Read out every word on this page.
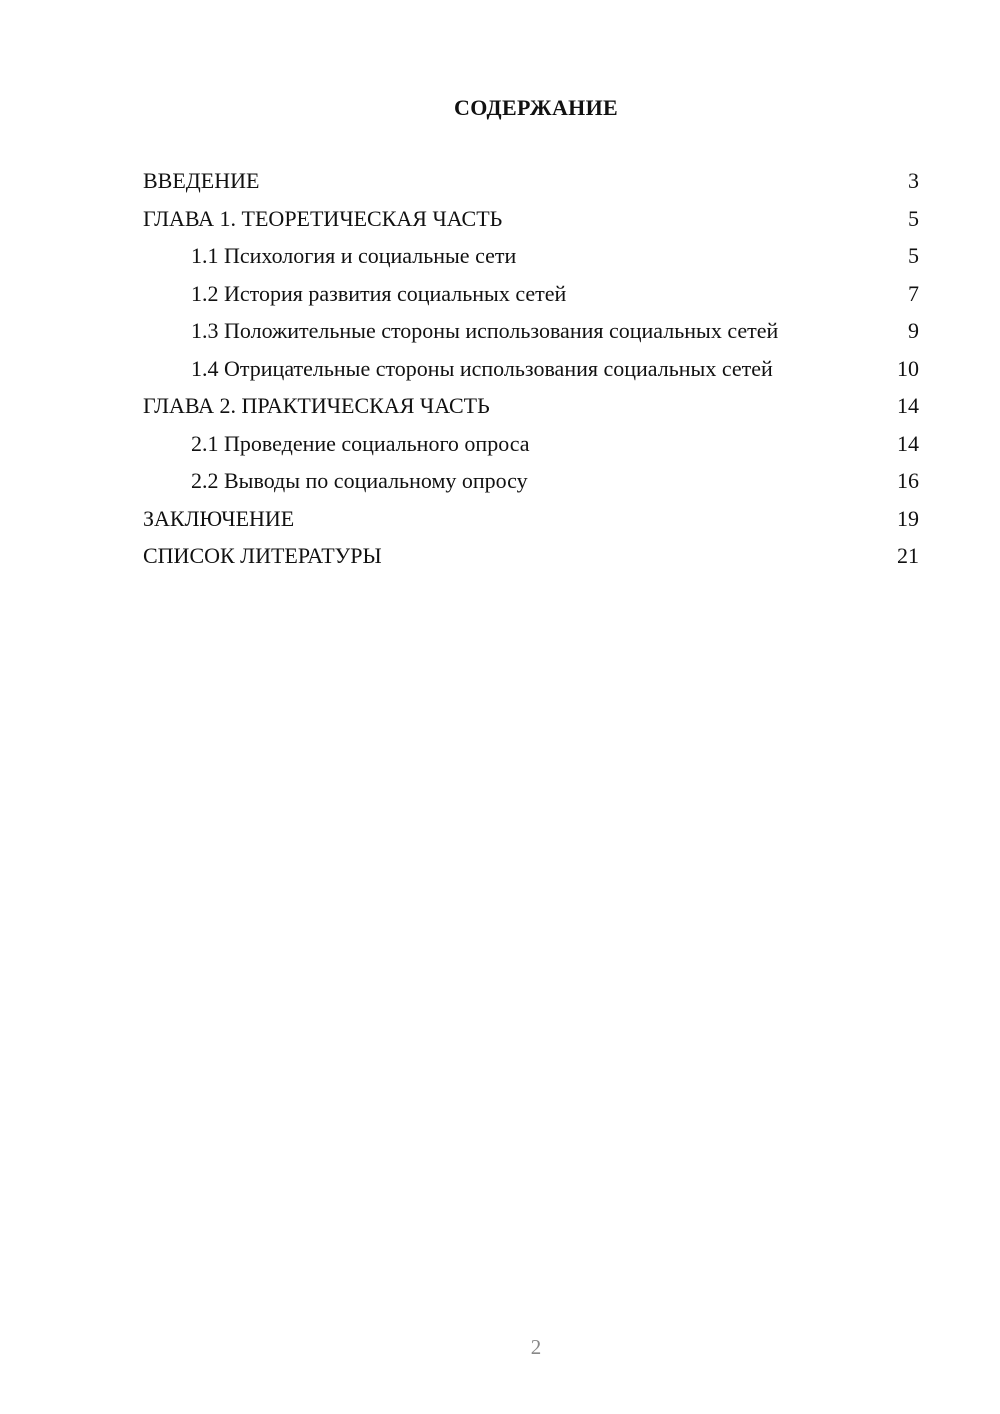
СОДЕРЖАНИЕ
ВВЕДЕНИЕ	3
ГЛАВА 1. ТЕОРЕТИЧЕСКАЯ ЧАСТЬ	5
1.1 Психология и социальные сети	5
1.2 История развития социальных сетей	7
1.3 Положительные стороны использования социальных сетей	9
1.4 Отрицательные стороны использования социальных сетей	10
ГЛАВА 2. ПРАКТИЧЕСКАЯ ЧАСТЬ	14
2.1 Проведение социального опроса	14
2.2 Выводы по социальному опросу	16
ЗАКЛЮЧЕНИЕ	19
СПИСОК ЛИТЕРАТУРЫ	21
2
